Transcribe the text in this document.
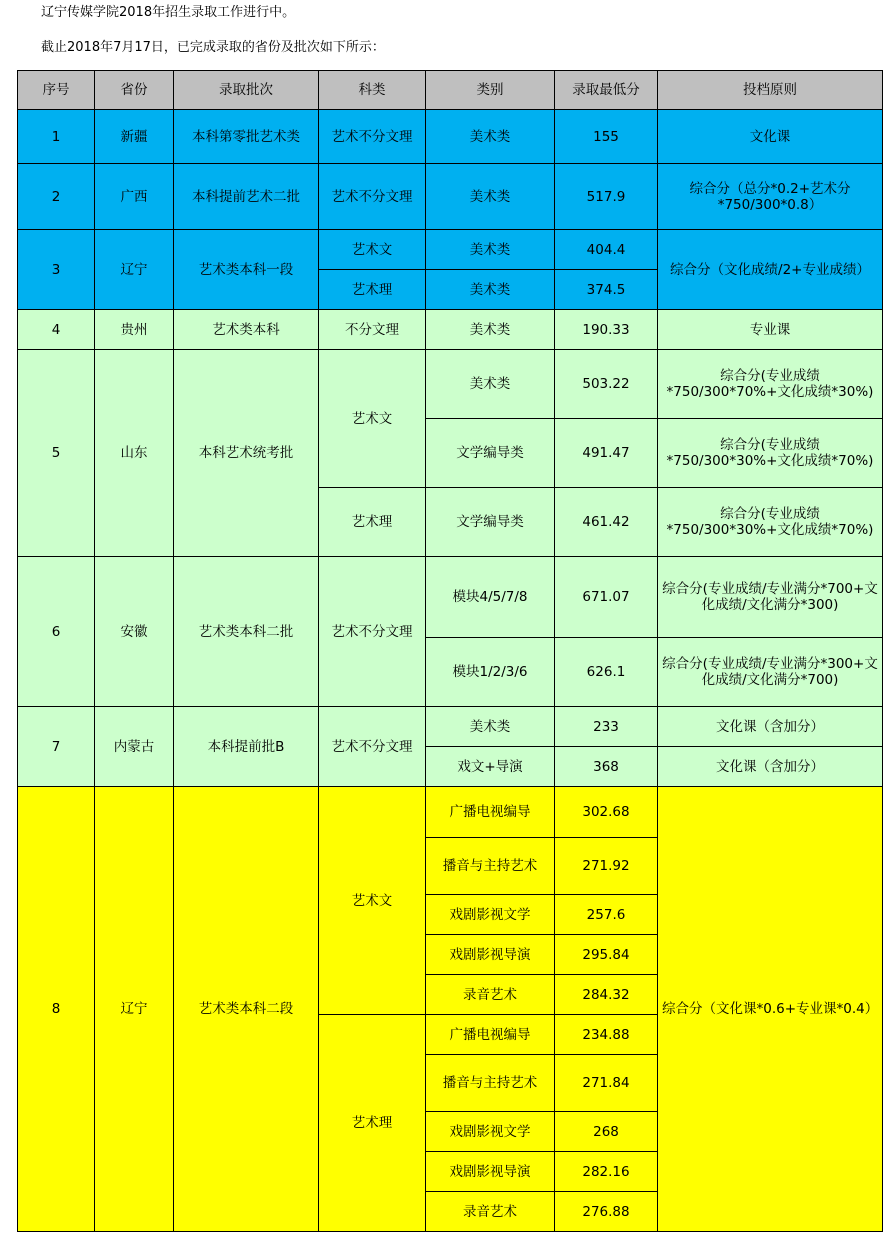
辽宁传媒学院2018年招生录取工作进行中。
截止2018年7月17日，已完成录取的省份及批次如下所示：
序号	省份	录取批次	科类	类别	录取最低分	投档原则
1	新疆	本科第零批艺术类	艺术不分文理	美术类	155	文化课
2	广西	本科提前艺术二批	艺术不分文理	美术类	517.9	综合分（总分*0.2+艺术分*750/300*0.8）
3	辽宁	艺术类本科一段	艺术文	美术类	404.4	综合分（文化成绩/2+专业成绩）
			艺术理	美术类	374.5	
4	贵州	艺术类本科	不分文理	美术类	190.33	专业课
5	山东	本科艺术统考批	艺术文	美术类	503.22	综合分(专业成绩*750/300*70%+文化成绩*30%)
				文学编导类	491.47	综合分(专业成绩*750/300*30%+文化成绩*70%)
			艺术理	文学编导类	461.42	综合分(专业成绩*750/300*30%+文化成绩*70%)
6	安徽	艺术类本科二批	艺术不分文理	模块4/5/7/8	671.07	综合分(专业成绩/专业满分*700+文化成绩/文化满分*300)
				模块1/2/3/6	626.1	综合分(专业成绩/专业满分*300+文化成绩/文化满分*700)
7	内蒙古	本科提前批B	艺术不分文理	美术类	233	文化课（含加分）
				戏文+导演	368	文化课（含加分）
8	辽宁	艺术类本科二段	艺术文	广播电视编导	302.68	综合分（文化课*0.6+专业课*0.4）
				播音与主持艺术	271.92	
				戏剧影视文学	257.6	
				戏剧影视导演	295.84	
				录音艺术	284.32	
			艺术理	广播电视编导	234.88	
				播音与主持艺术	271.84	
				戏剧影视文学	268	
				戏剧影视导演	282.16	
				录音艺术	276.88	
